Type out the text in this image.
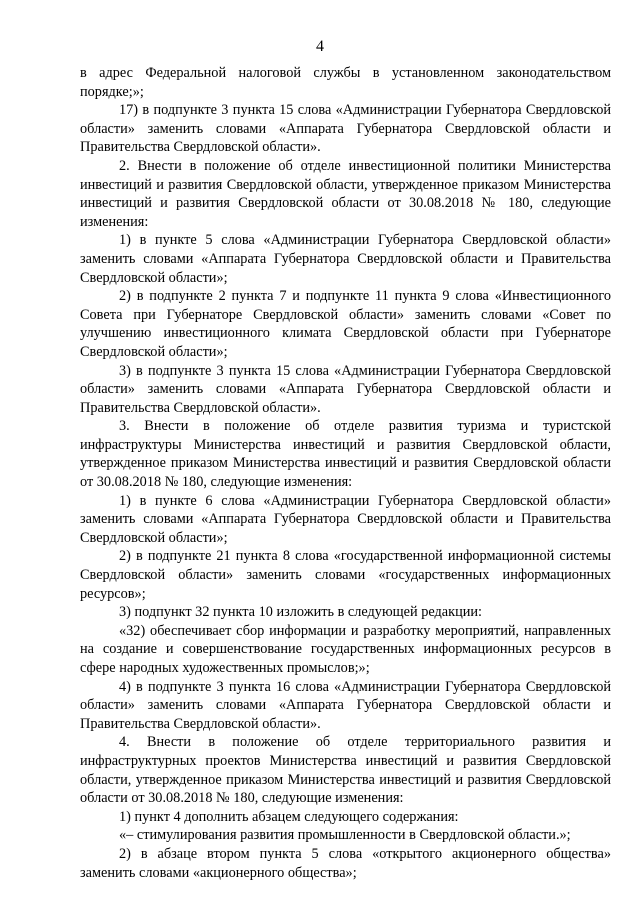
4

в адрес Федеральной налоговой службы в установленном законодательством порядке;»;

17) в подпункте 3 пункта 15 слова «Администрации Губернатора Свердловской области» заменить словами «Аппарата Губернатора Свердловской области и Правительства Свердловской области».

2. Внести в положение об отделе инвестиционной политики Министерства инвестиций и развития Свердловской области, утвержденное приказом Министерства инвестиций и развития Свердловской области от 30.08.2018 № 180, следующие изменения:

1) в пункте 5 слова «Администрации Губернатора Свердловской области» заменить словами «Аппарата Губернатора Свердловской области и Правительства Свердловской области»;

2) в подпункте 2 пункта 7 и подпункте 11 пункта 9 слова «Инвестиционного Совета при Губернаторе Свердловской области» заменить словами «Совет по улучшению инвестиционного климата Свердловской области при Губернаторе Свердловской области»;

3) в подпункте 3 пункта 15 слова «Администрации Губернатора Свердловской области» заменить словами «Аппарата Губернатора Свердловской области и Правительства Свердловской области».

3. Внести в положение об отделе развития туризма и туристской инфраструктуры Министерства инвестиций и развития Свердловской области, утвержденное приказом Министерства инвестиций и развития Свердловской области от 30.08.2018 № 180, следующие изменения:

1) в пункте 6 слова «Администрации Губернатора Свердловской области» заменить словами «Аппарата Губернатора Свердловской области и Правительства Свердловской области»;

2) в подпункте 21 пункта 8 слова «государственной информационной системы Свердловской области» заменить словами «государственных информационных ресурсов»;

3) подпункт 32 пункта 10 изложить в следующей редакции:

«32) обеспечивает сбор информации и разработку мероприятий, направленных на создание и совершенствование государственных информационных ресурсов в сфере народных художественных промыслов;»;

4) в подпункте 3 пункта 16 слова «Администрации Губернатора Свердловской области» заменить словами «Аппарата Губернатора Свердловской области и Правительства Свердловской области».

4. Внести в положение об отделе территориального развития и инфраструктурных проектов Министерства инвестиций и развития Свердловской области, утвержденное приказом Министерства инвестиций и развития Свердловской области от 30.08.2018 № 180, следующие изменения:

1) пункт 4 дополнить абзацем следующего содержания:

«– стимулирования развития промышленности в Свердловской области.»;

2) в абзаце втором пункта 5 слова «открытого акционерного общества» заменить словами «акционерного общества»;
